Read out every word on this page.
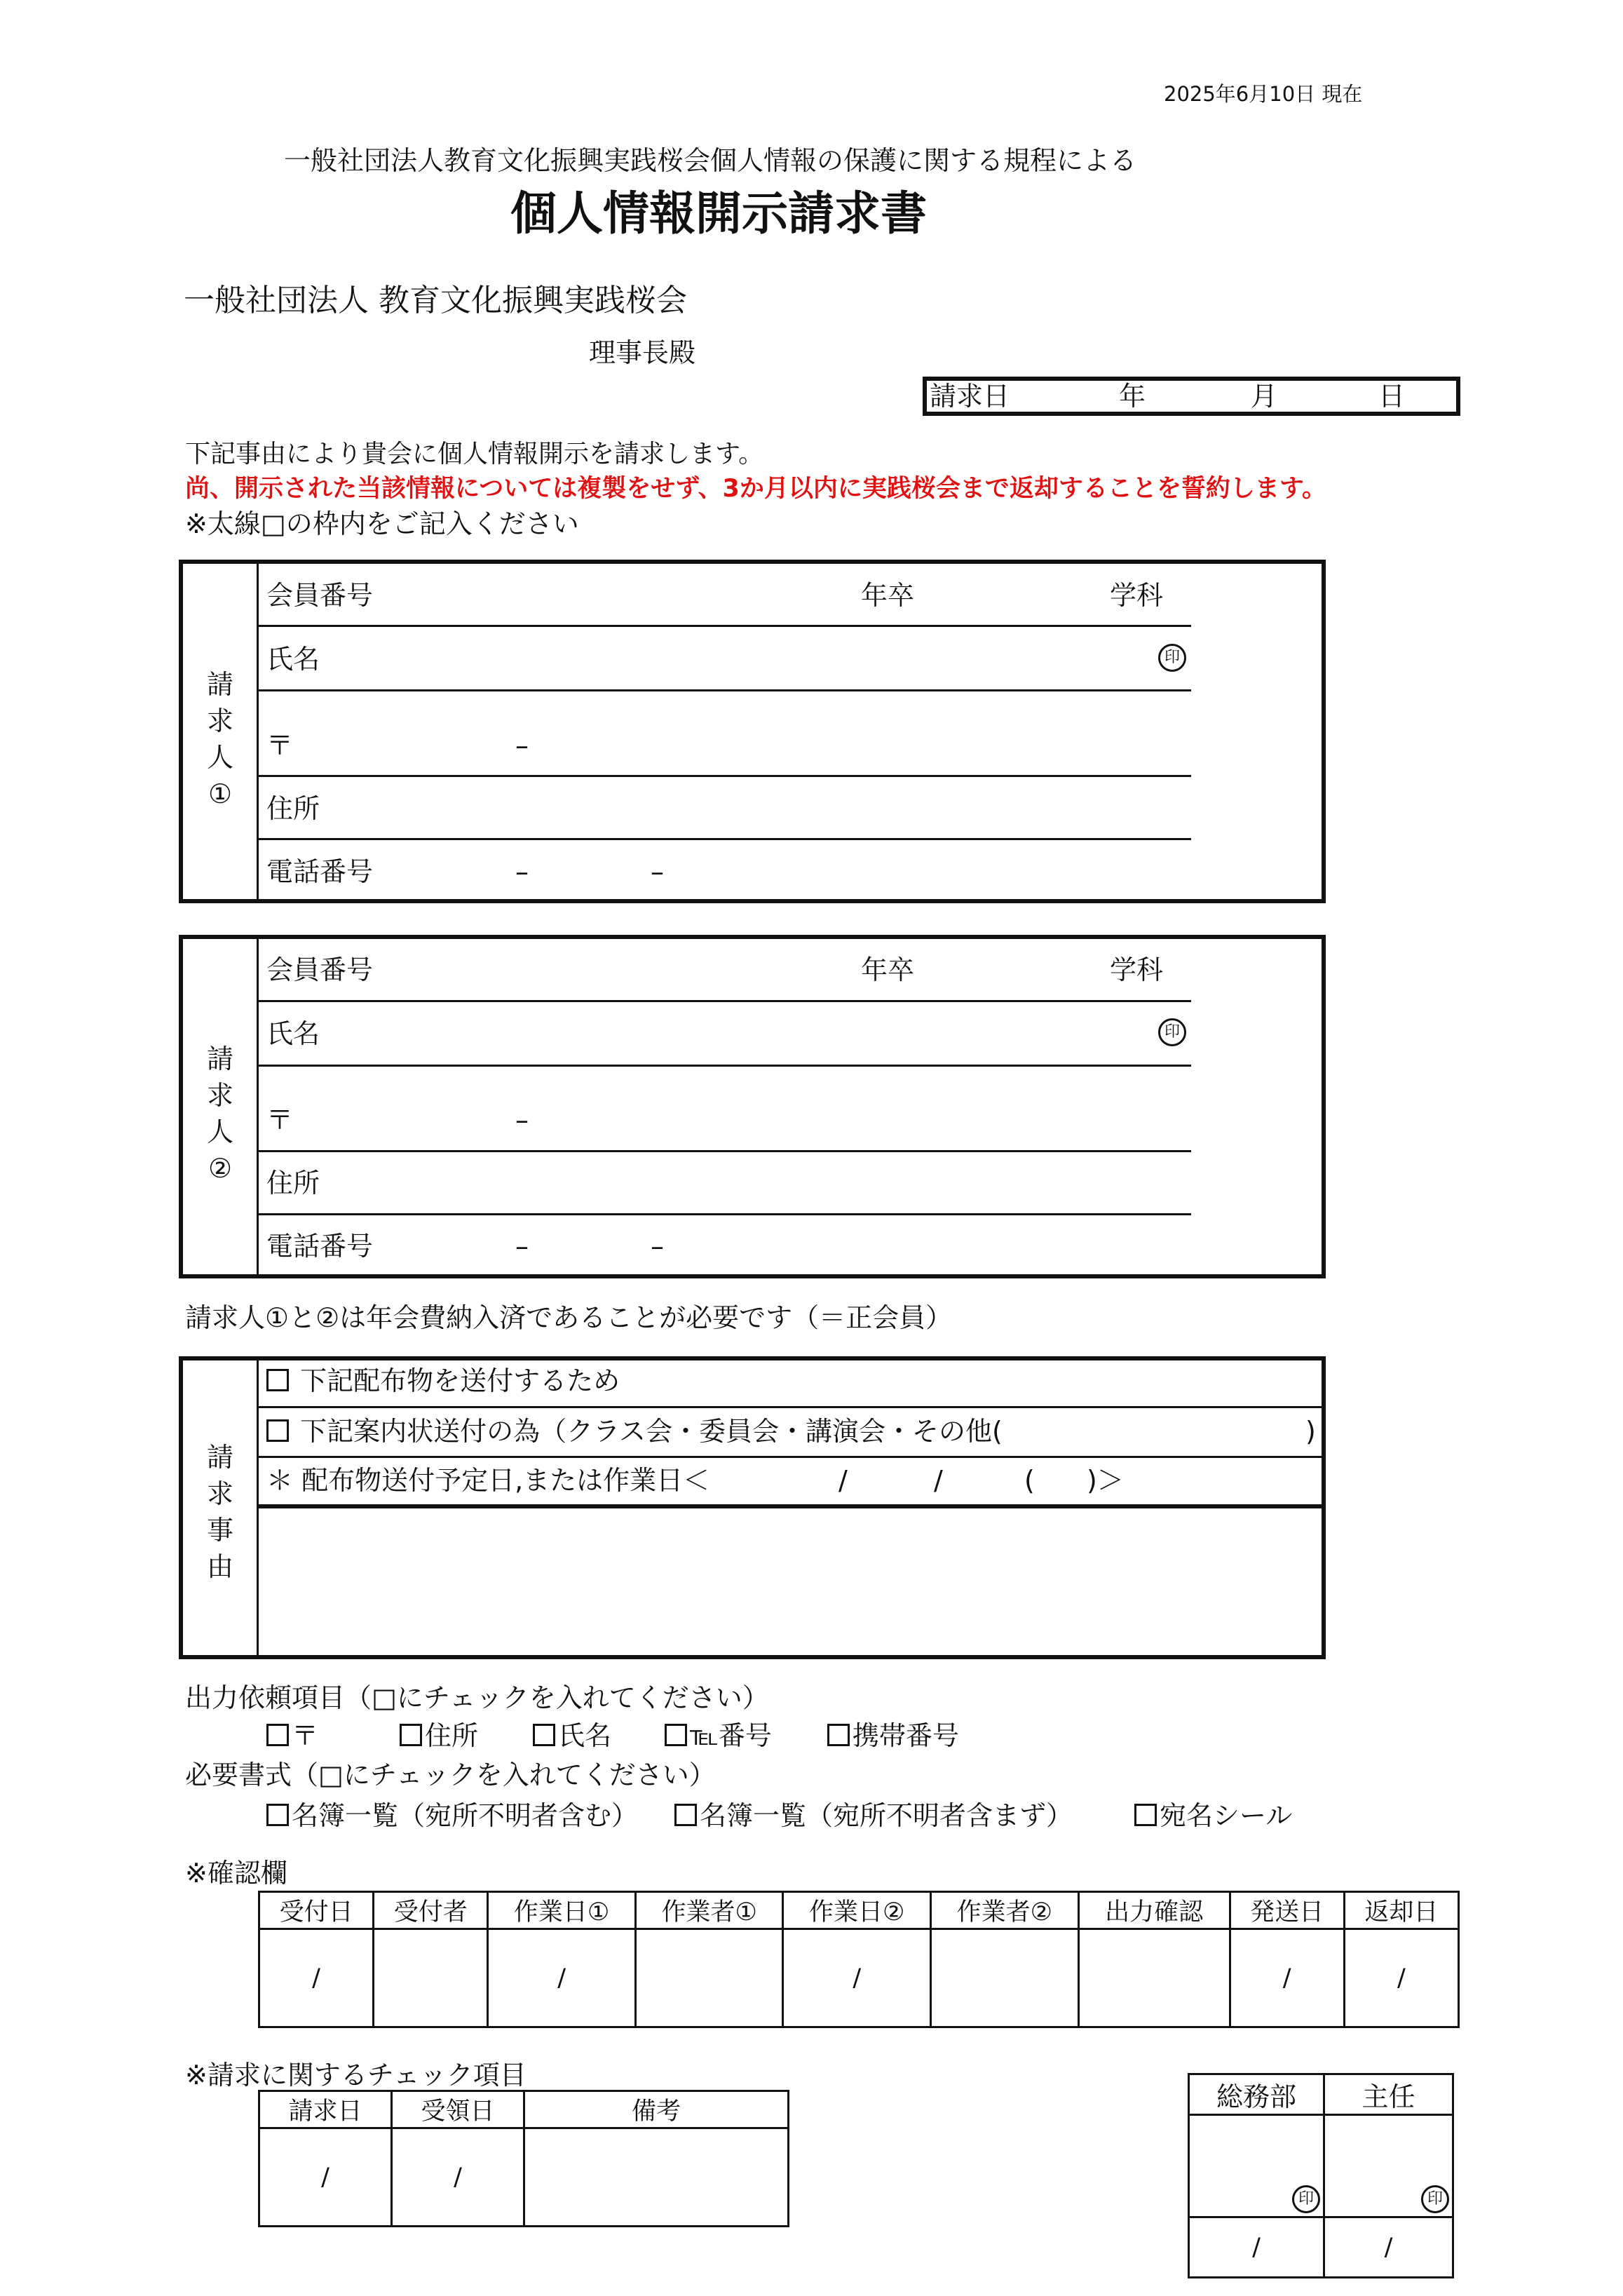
2025年6月10日 現在
一般社団法人教育文化振興実践桜会個人情報の保護に関する規程による
個人情報開示請求書
一般社団法人 教育文化振興実践桜会
理事長殿
請求日	年	月	日
下記事由により貴会に個人情報開示を請求します。
尚、開示された当該情報については複製をせず、3か月以内に実践桜会まで返却することを誓約します。
※太線□の枠内をご記入ください
請
求
人
①
会員番号	年卒	学科
氏名	印
〒	–
住所
電話番号	–	–
請
求
人
②
会員番号	年卒	学科
氏名	印
〒	–
住所
電話番号	–	–
請求人①と②は年会費納入済であることが必要です（＝正会員）
請
求
事
由
下記配布物を送付するため
下記案内状送付の為（クラス会・委員会・講演会・その他(	)
＊ 配布物送付予定日,または作業日＜	/	/	( )＞
出力依頼項目（□にチェックを入れてください）
〒	住所	氏名	℡番号	携帯番号
必要書式（□にチェックを入れてください）
名簿一覧（宛所不明者含む）	名簿一覧（宛所不明者含まず）	宛名シール
※確認欄
受付日	受付者	作業日①	作業者①	作業日②	作業者②	出力確認	発送日	返却日
/		/		/			/	/
※請求に関するチェック項目
請求日	受領日	備考
/	/	
総務部	主任
印	印
/	/
